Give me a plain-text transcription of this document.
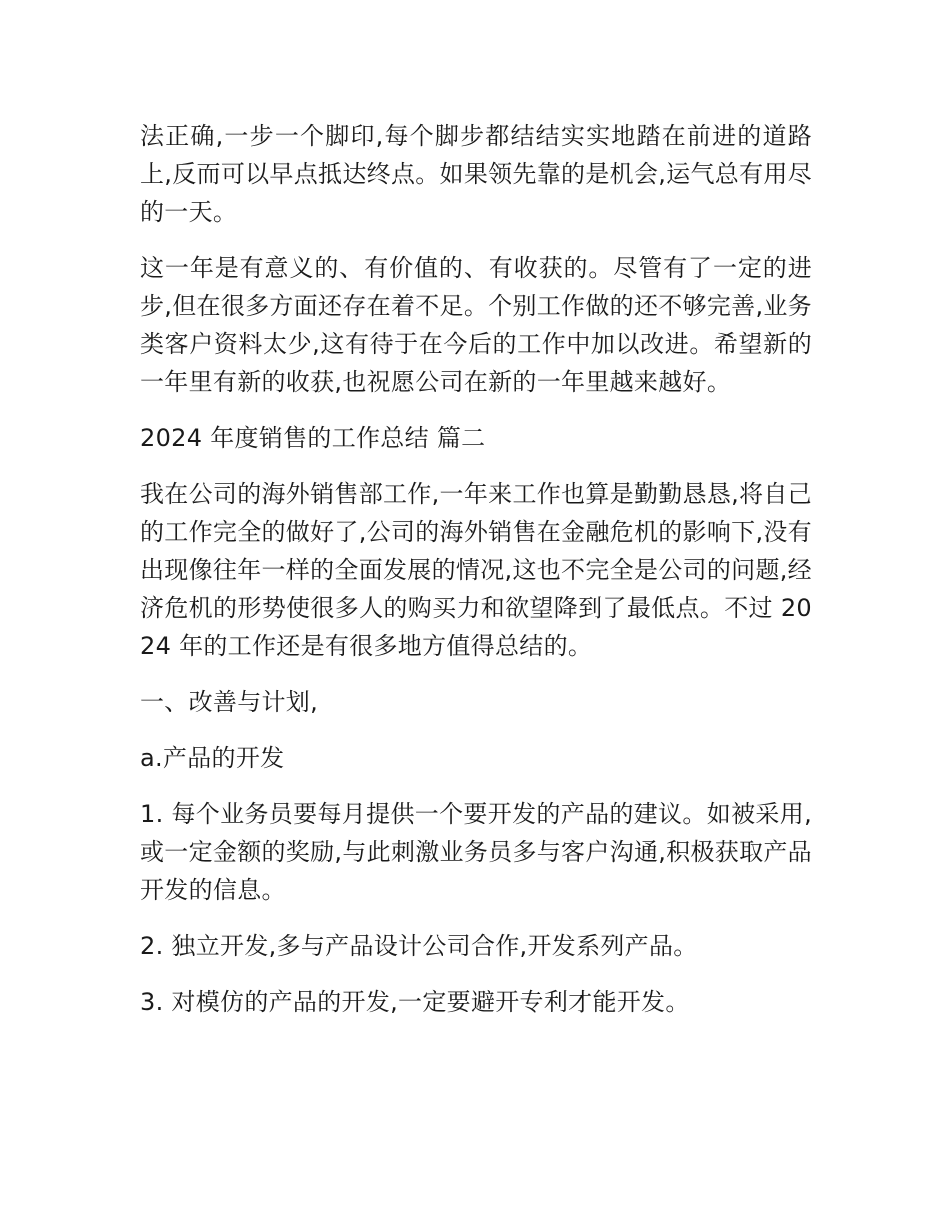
法正确,一步一个脚印,每个脚步都结结实实地踏在前进的道路上,反而可以早点抵达终点。如果领先靠的是机会,运气总有用尽的一天。

这一年是有意义的、有价值的、有收获的。尽管有了一定的进步,但在很多方面还存在着不足。个别工作做的还不够完善,业务类客户资料太少,这有待于在今后的工作中加以改进。希望新的一年里有新的收获,也祝愿公司在新的一年里越来越好。

2024 年度销售的工作总结 篇二

我在公司的海外销售部工作,一年来工作也算是勤勤恳恳,将自己的工作完全的做好了,公司的海外销售在金融危机的影响下,没有出现像往年一样的全面发展的情况,这也不完全是公司的问题,经济危机的形势使很多人的购买力和欲望降到了最低点。不过 2024 年的工作还是有很多地方值得总结的。

一、改善与计划,

a.产品的开发

1. 每个业务员要每月提供一个要开发的产品的建议。如被采用,或一定金额的奖励,与此刺激业务员多与客户沟通,积极获取产品开发的信息。

2. 独立开发,多与产品设计公司合作,开发系列产品。

3. 对模仿的产品的开发,一定要避开专利才能开发。
